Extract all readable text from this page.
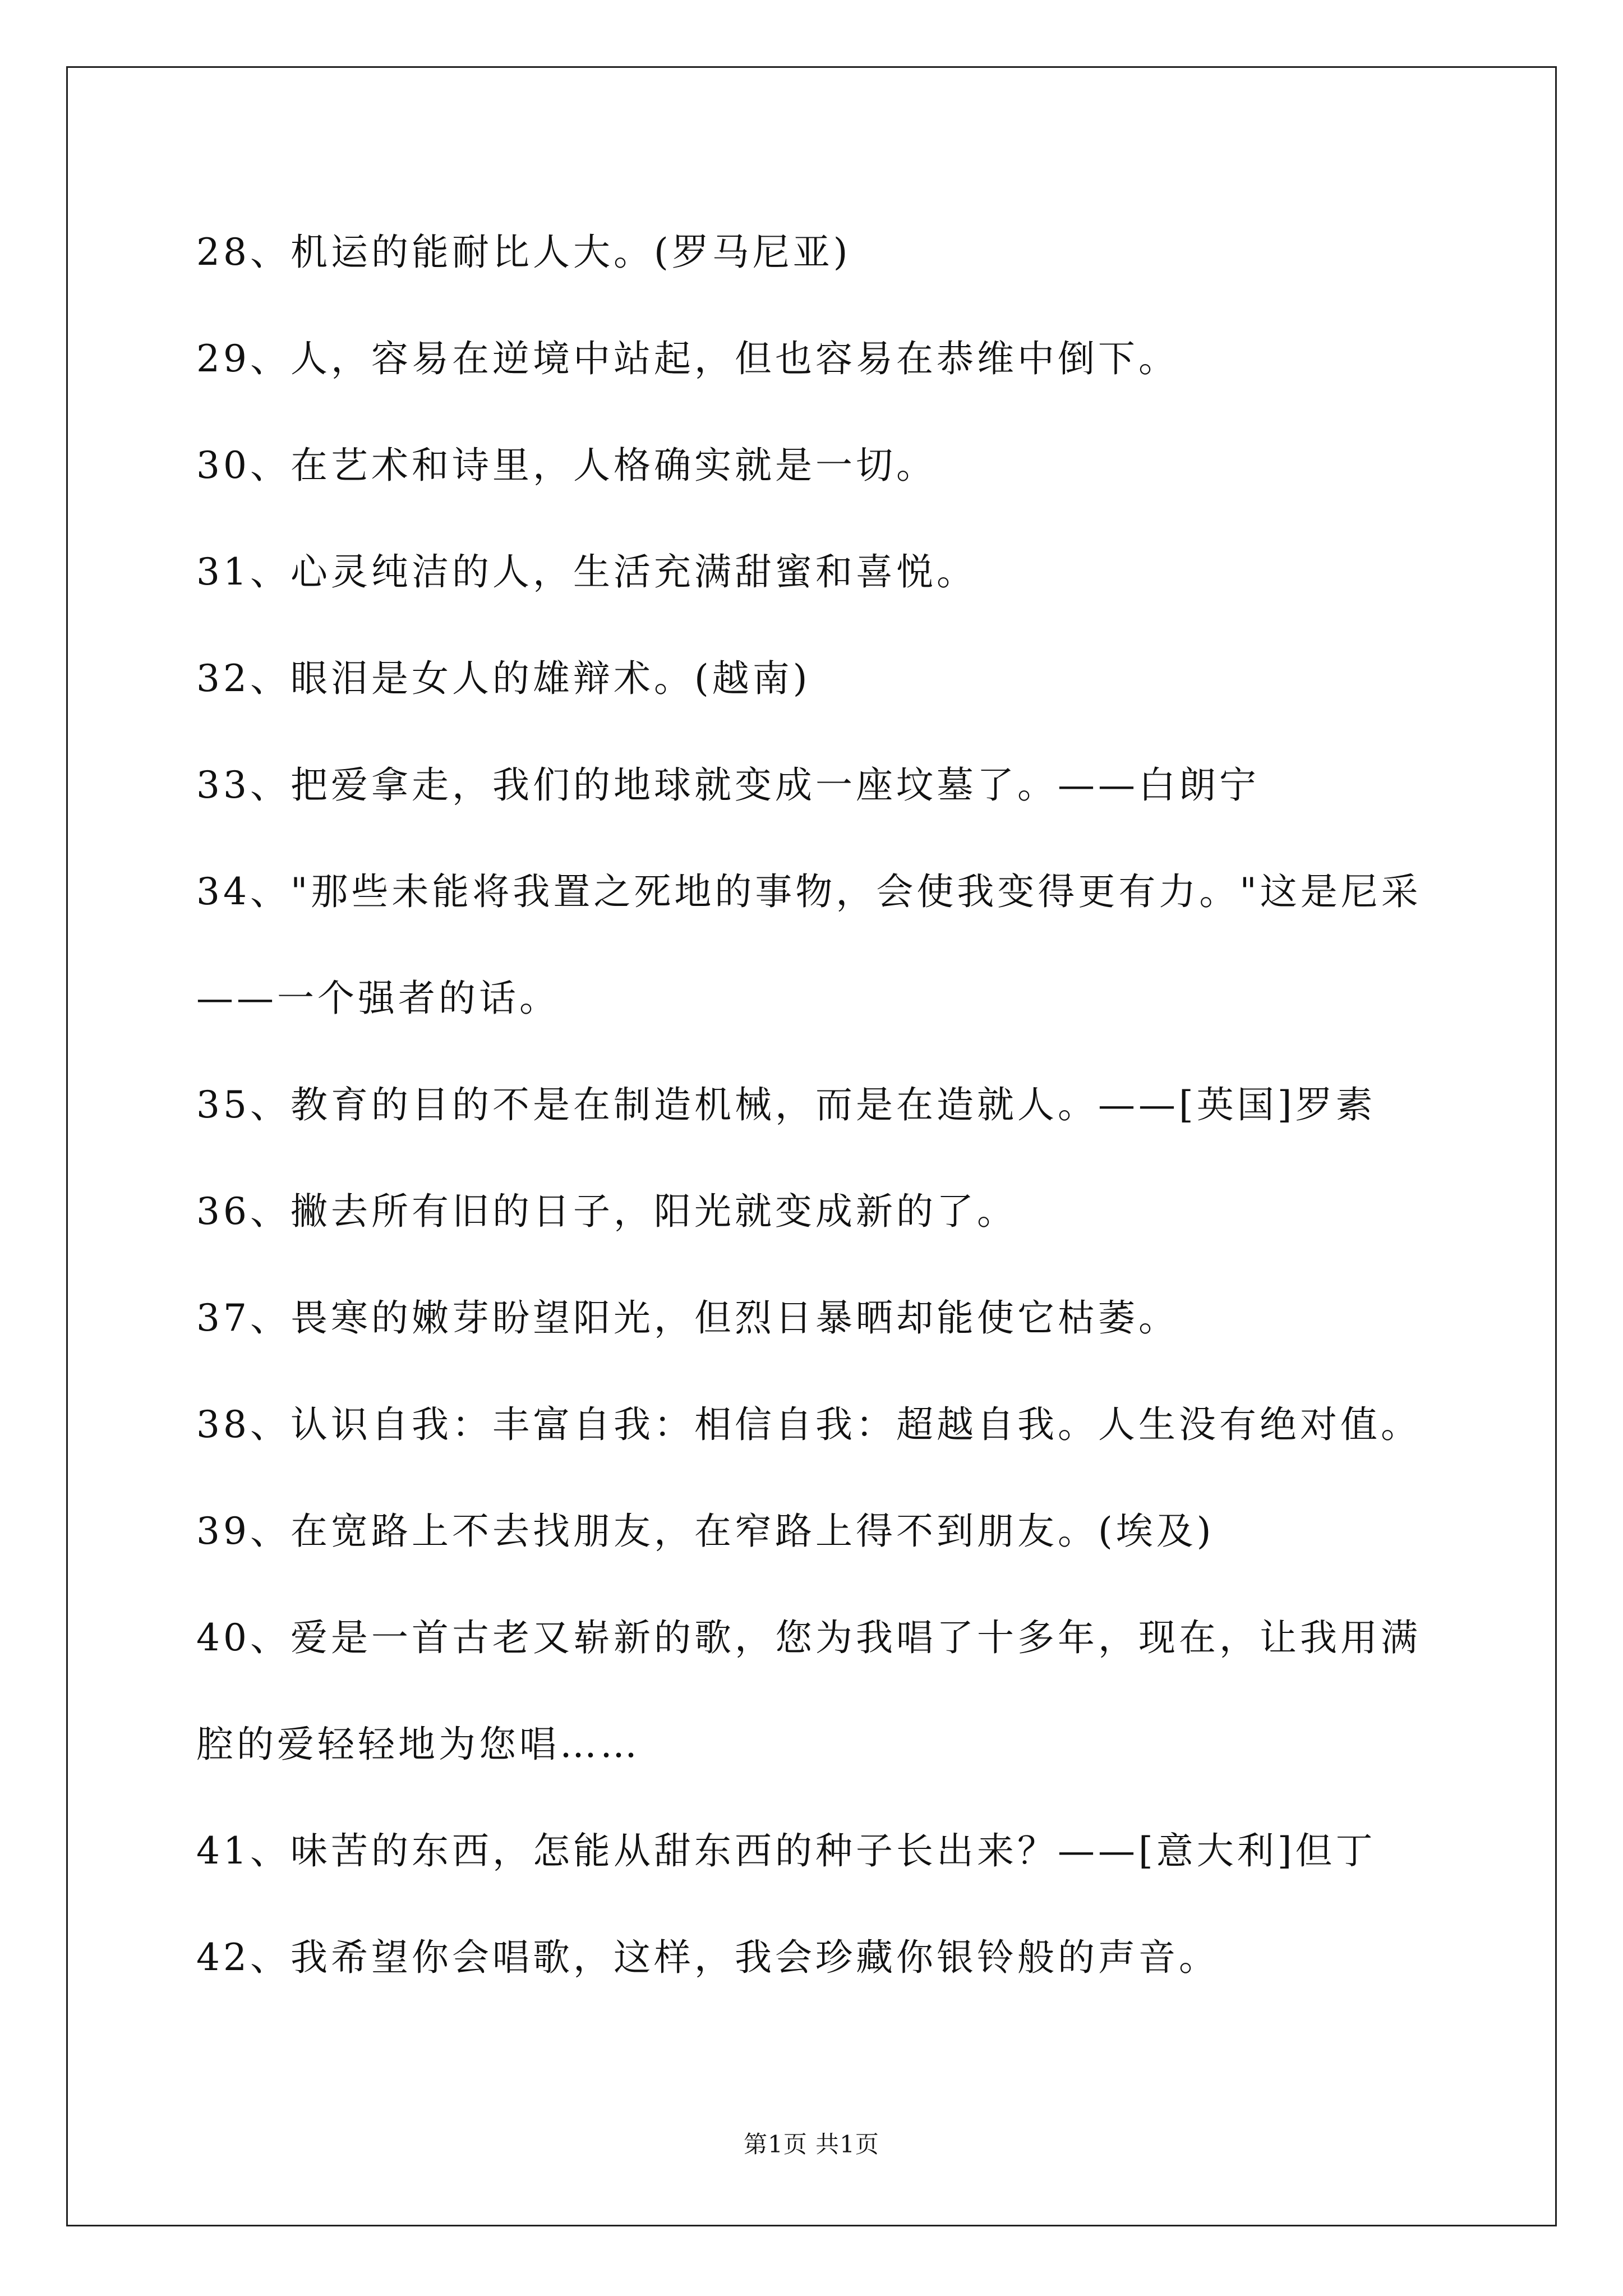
28、机运的能耐比人大。(罗马尼亚)
29、人，容易在逆境中站起，但也容易在恭维中倒下。
30、在艺术和诗里，人格确实就是一切。
31、心灵纯洁的人，生活充满甜蜜和喜悦。
32、眼泪是女人的雄辩术。(越南)
33、把爱拿走，我们的地球就变成一座坟墓了。——白朗宁
34、"那些未能将我置之死地的事物，会使我变得更有力。"这是尼采
——一个强者的话。
35、教育的目的不是在制造机械，而是在造就人。——[英国]罗素
36、撇去所有旧的日子，阳光就变成新的了。
37、畏寒的嫩芽盼望阳光，但烈日暴晒却能使它枯萎。
38、认识自我：丰富自我：相信自我：超越自我。人生没有绝对值。
39、在宽路上不去找朋友，在窄路上得不到朋友。(埃及)
40、爱是一首古老又崭新的歌，您为我唱了十多年，现在，让我用满
腔的爱轻轻地为您唱……
41、味苦的东西，怎能从甜东西的种子长出来？——[意大利]但丁
42、我希望你会唱歌，这样，我会珍藏你银铃般的声音。
第1页 共1页
